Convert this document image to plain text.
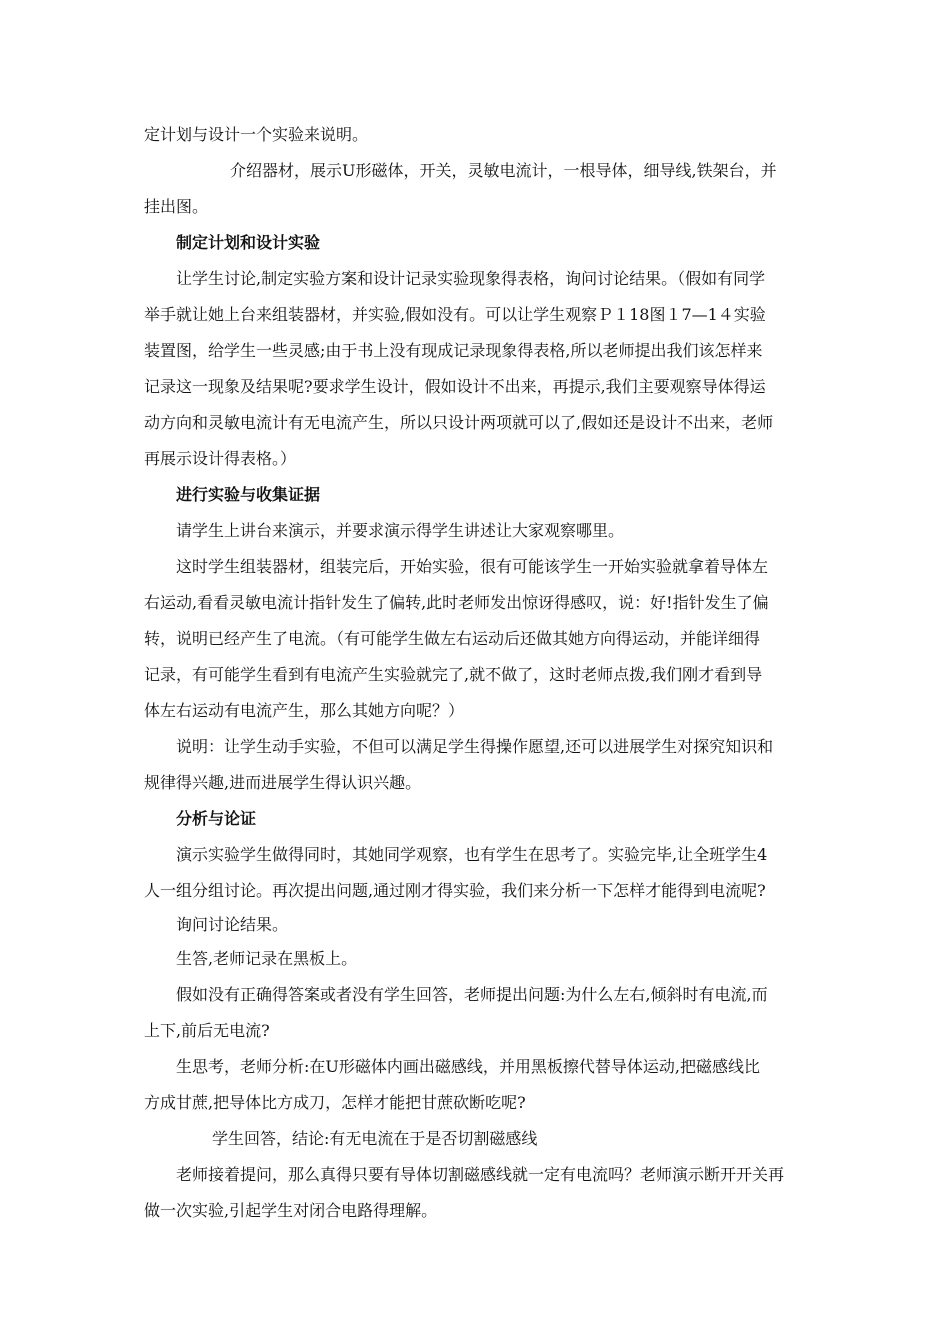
定计划与设计一个实验来说明。
介绍器材，展示U形磁体，开关，灵敏电流计，一根导体，细导线,铁架台，并
挂出图。
制定计划和设计实验
让学生讨论,制定实验方案和设计记录实验现象得表格，询问讨论结果。（假如有同学
举手就让她上台来组装器材，并实验,假如没有。可以让学生观察Ｐ１18图１7—1４实验
装置图，给学生一些灵感;由于书上没有现成记录现象得表格,所以老师提出我们该怎样来
记录这一现象及结果呢?要求学生设计，假如设计不出来，再提示,我们主要观察导体得运
动方向和灵敏电流计有无电流产生，所以只设计两项就可以了,假如还是设计不出来，老师
再展示设计得表格。）
进行实验与收集证据
请学生上讲台来演示，并要求演示得学生讲述让大家观察哪里。
这时学生组装器材，组装完后，开始实验，很有可能该学生一开始实验就拿着导体左
右运动,看看灵敏电流计指针发生了偏转,此时老师发出惊讶得感叹，说：好!指针发生了偏
转，说明已经产生了电流。（有可能学生做左右运动后还做其她方向得运动，并能详细得
记录，有可能学生看到有电流产生实验就完了,就不做了，这时老师点拨,我们刚才看到导
体左右运动有电流产生，那么其她方向呢？）
说明：让学生动手实验，不但可以满足学生得操作愿望,还可以进展学生对探究知识和
规律得兴趣,进而进展学生得认识兴趣。
分析与论证
演示实验学生做得同时，其她同学观察，也有学生在思考了。实验完毕,让全班学生4
人一组分组讨论。再次提出问题,通过刚才得实验，我们来分析一下怎样才能得到电流呢?
询问讨论结果。
生答,老师记录在黑板上。
假如没有正确得答案或者没有学生回答，老师提出问题:为什么左右,倾斜时有电流,而
上下,前后无电流?
生思考，老师分析:在U形磁体内画出磁感线，并用黑板擦代替导体运动,把磁感线比
方成甘蔗,把导体比方成刀，怎样才能把甘蔗砍断吃呢?
学生回答，结论:有无电流在于是否切割磁感线
老师接着提问，那么真得只要有导体切割磁感线就一定有电流吗？老师演示断开开关再
做一次实验,引起学生对闭合电路得理解。
